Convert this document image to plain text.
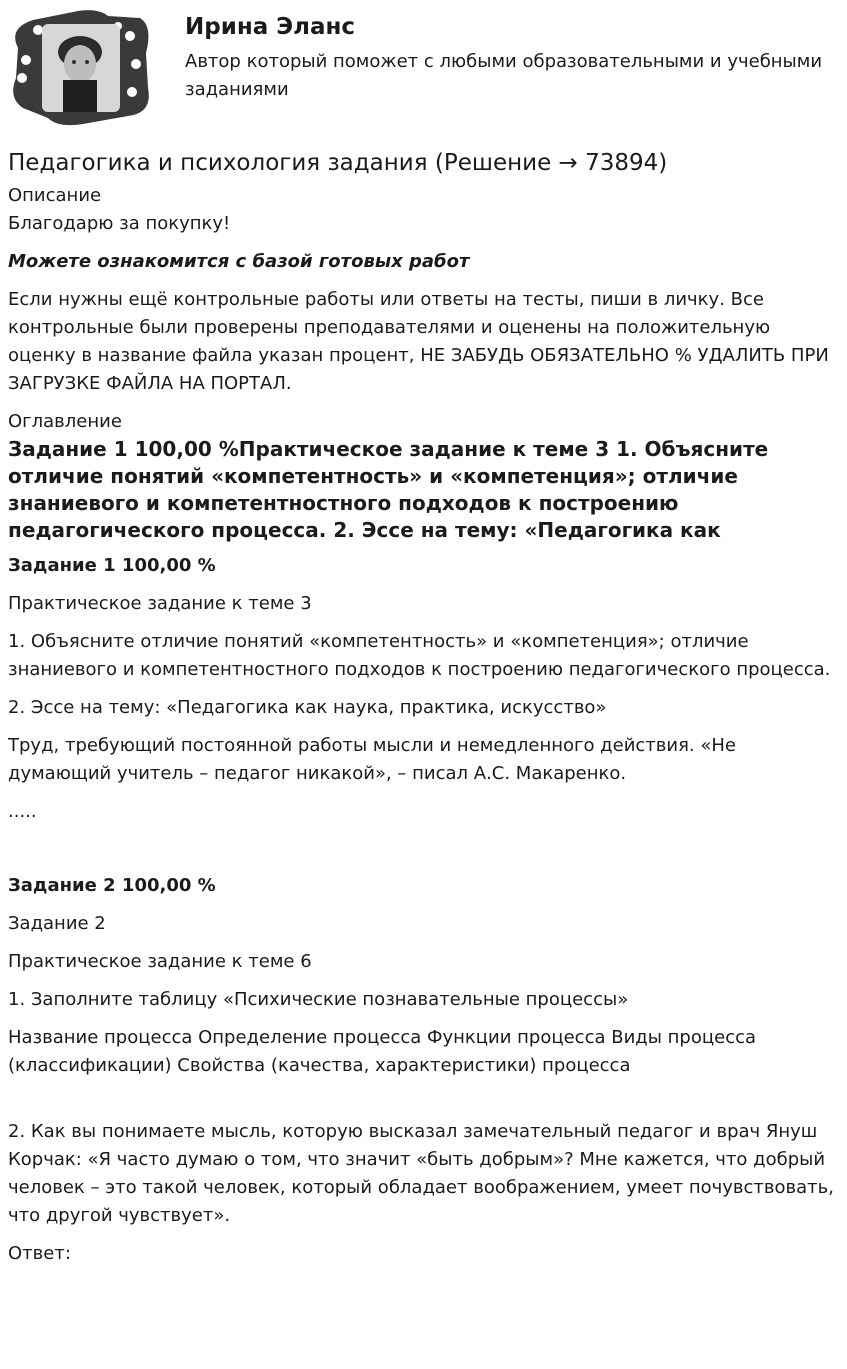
Ирина Эланс

Автор который поможет с любыми образовательными и учебными заданиями

Педагогика и психология задания (Решение → 73894)

Описание

Благодарю за покупку!

Можете ознакомится с базой готовых работ

Если нужны ещё контрольные работы или ответы на тесты, пиши в личку. Все контрольные были проверены преподавателями и оценены на положительную оценку в название файла указан процент, НЕ ЗАБУДЬ ОБЯЗАТЕЛЬНО % УДАЛИТЬ ПРИ ЗАГРУЗКЕ ФАЙЛА НА ПОРТАЛ.

Оглавление

Задание 1 100,00 %Практическое задание к теме 3 1. Объясните отличие понятий «компетентность» и «компетенция»; отличие знаниевого и компетентностного подходов к построению педагогического процесса. 2. Эссе на тему: «Педагогика как

Задание 1 100,00 %

Практическое задание к теме 3

1. Объясните отличие понятий «компетентность» и «компетенция»; отличие знаниевого и компетентностного подходов к построению педагогического процесса.

2. Эссе на тему: «Педагогика как наука, практика, искусство»

Труд, требующий постоянной работы мысли и немедленного действия. «Не думающий учитель – педагог никакой», – писал А.С. Макаренко.

.....

Задание 2 100,00 %

Задание 2

Практическое задание к теме 6

1. Заполните таблицу «Психические познавательные процессы»

Название процесса Определение процесса Функции процесса Виды процесса (классификации) Свойства (качества, характеристики) процесса

2. Как вы понимаете мысль, которую высказал замечательный педагог и врач Януш Корчак: «Я часто думаю о том, что значит «быть добрым»? Мне кажется, что добрый человек – это такой человек, который обладает воображением, умеет почувствовать, что другой чувствует».

Ответ:
